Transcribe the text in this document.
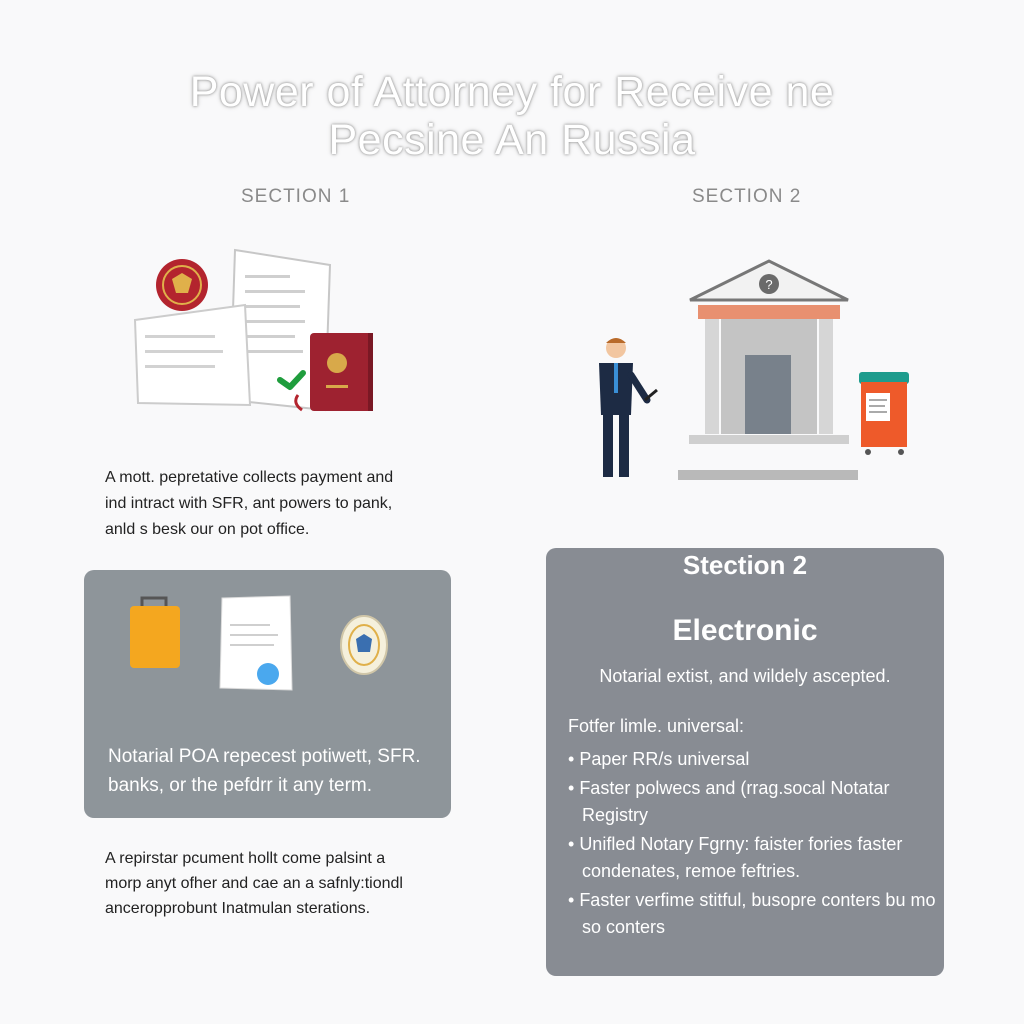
Power of Attorney for Receive ne
Pecsine An Russia
SECTION 1	SECTION 2
A mott. pepretative collects payment and
ind intract with SFR, ant powers to pank,
anld s besk our on pot office.
Notarial POA repecest potiwett, SFR.
banks, or the pefdrr it any term.
A repirstar pcument hollt come palsint a
morp anyt ofher and cae an a safnly:tiondl
anceropprobunt Inatmulan sterations.
?
Stection 2
Electronic
Notarial extist, and wildely ascepted.
Fotfer limle. universal:
• Paper RR/s universal
• Faster polwecs and (rrag.socal Notatar Registry
• Unifled Notary Fgrny: faister fories faster condenates, remoe feftries.
• Faster verfime stitful, busopre conters bu mo so conters
